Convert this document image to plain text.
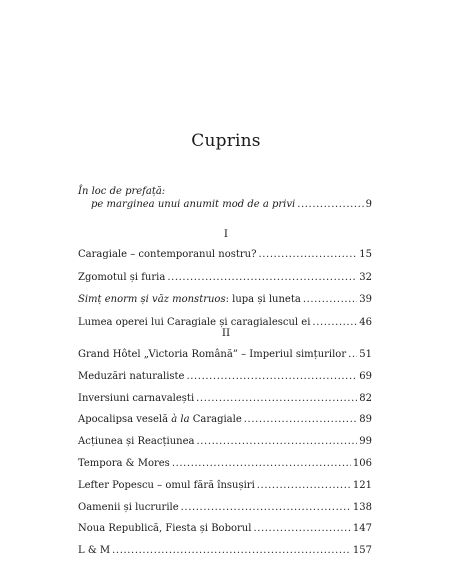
Cuprins
În loc de prefață:
pe marginea unui anumit mod de a privi .....	9
I
Caragiale – contemporanul nostru? .....	15
Zgomotul și furia .....	32
Simț enorm și văz monstruos: lupa și luneta .....	39
Lumea operei lui Caragiale și caragialescul ei .....	46
II
Grand Hôtel „Victoria Română” – Imperiul simțurilor ..... 51
Meduzări naturaliste .....	69
Inversiuni carnavalești .....	82
Apocalipsa veselă à la Caragiale .....	89
Acțiunea și Reacțiunea .....	99
Tempora & Mores .....	106
Lefter Popescu – omul fără însușiri .....	121
Oamenii și lucrurile .....	138
Noua Republică, Fiesta și Boborul .....	147
L & M .....	157
